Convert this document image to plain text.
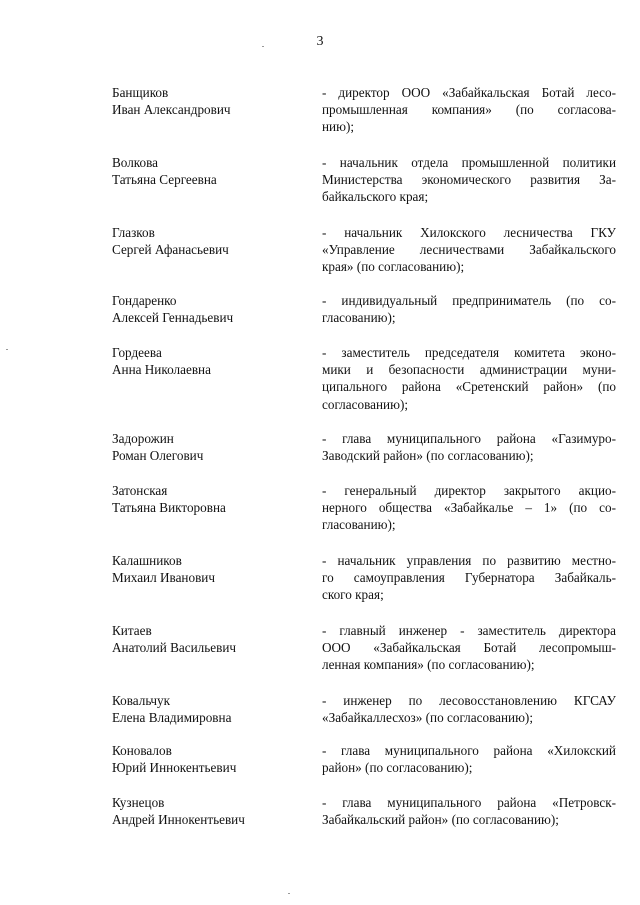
3
Банщиков
Иван Александрович
- директор ООО «Забайкальская Ботай лесо-
промышленная компания» (по согласова-
нию);
Волкова
Татьяна Сергеевна
- начальник отдела промышленной политики
Министерства экономического развития За-
байкальского края;
Глазков
Сергей Афанасьевич
- начальник Хилокского лесничества ГКУ
«Управление лесничествами Забайкальского
края» (по согласованию);
Гондаренко
Алексей Геннадьевич
- индивидуальный предприниматель (по со-
гласованию);
Гордеева
Анна Николаевна
- заместитель председателя комитета эконо-
мики и безопасности администрации муни-
ципального района «Сретенский район» (по
согласованию);
Задорожин
Роман Олегович
- глава муниципального района «Газимуро-
Заводский район» (по согласованию);
Затонская
Татьяна Викторовна
- генеральный директор закрытого акцио-
нерного общества «Забайкалье – 1» (по со-
гласованию);
Калашников
Михаил Иванович
- начальник управления по развитию местно-
го самоуправления Губернатора Забайкаль-
ского края;
Китаев
Анатолий Васильевич
- главный инженер - заместитель директора
ООО «Забайкальская Ботай лесопромыш-
ленная компания» (по согласованию);
Ковальчук
Елена Владимировна
- инженер по лесовосстановлению КГСАУ
«Забайкаллесхоз» (по согласованию);
Коновалов
Юрий Иннокентьевич
- глава муниципального района «Хилокский
район» (по согласованию);
Кузнецов
Андрей Иннокентьевич
- глава муниципального района «Петровск-
Забайкальский район» (по согласованию);
